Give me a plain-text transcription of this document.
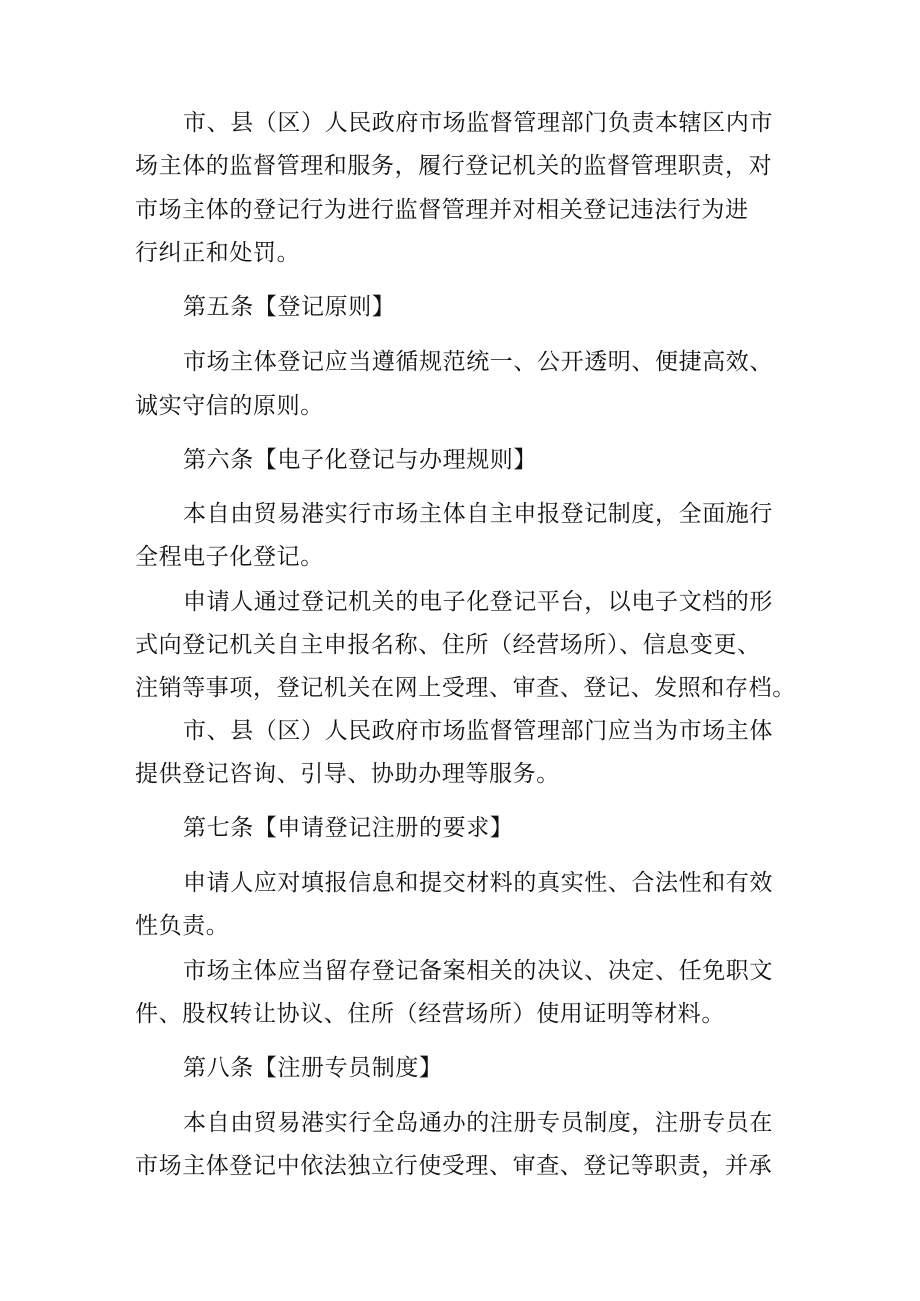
市、县（区）人民政府市场监督管理部门负责本辖区内市
场主体的监督管理和服务，履行登记机关的监督管理职责，对
市场主体的登记行为进行监督管理并对相关登记违法行为进
行纠正和处罚。
第五条【登记原则】
市场主体登记应当遵循规范统一、公开透明、便捷高效、
诚实守信的原则。
第六条【电子化登记与办理规则】
本自由贸易港实行市场主体自主申报登记制度，全面施行
全程电子化登记。
申请人通过登记机关的电子化登记平台，以电子文档的形
式向登记机关自主申报名称、住所（经营场所）、信息变更、
注销等事项，登记机关在网上受理、审查、登记、发照和存档。
市、县（区）人民政府市场监督管理部门应当为市场主体
提供登记咨询、引导、协助办理等服务。
第七条【申请登记注册的要求】
申请人应对填报信息和提交材料的真实性、合法性和有效
性负责。
市场主体应当留存登记备案相关的决议、决定、任免职文
件、股权转让协议、住所（经营场所）使用证明等材料。
第八条【注册专员制度】
本自由贸易港实行全岛通办的注册专员制度，注册专员在
市场主体登记中依法独立行使受理、审查、登记等职责，并承
